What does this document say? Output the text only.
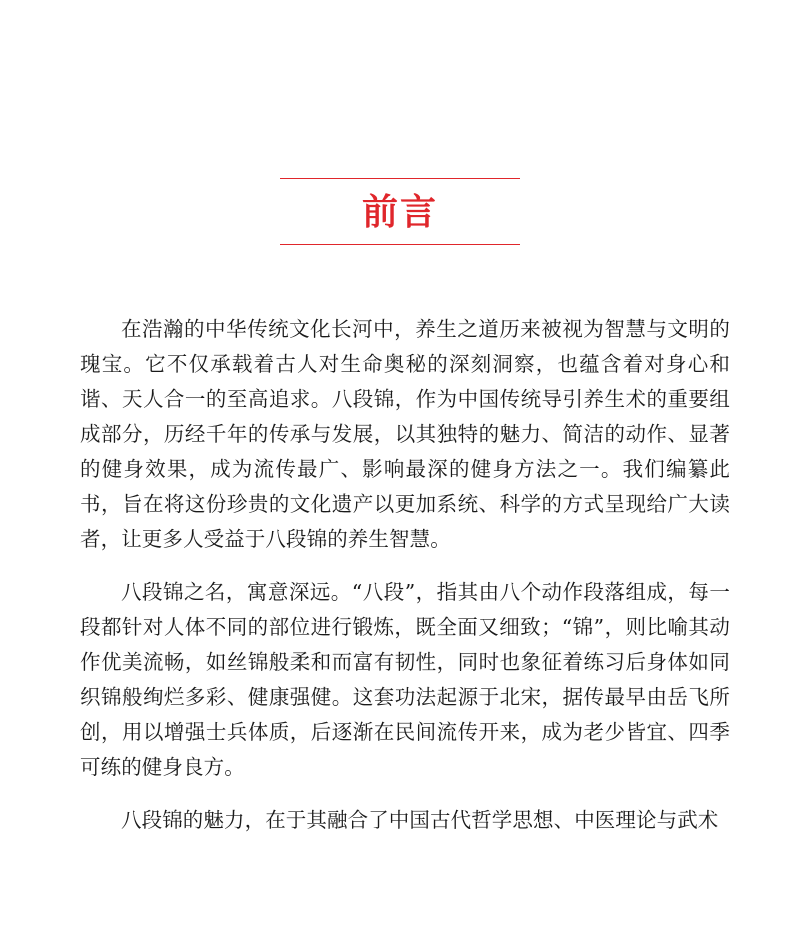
前言

在浩瀚的中华传统文化长河中，养生之道历来被视为智慧与文明的瑰宝。它不仅承载着古人对生命奥秘的深刻洞察，也蕴含着对身心和谐、天人合一的至高追求。八段锦，作为中国传统导引养生术的重要组成部分，历经千年的传承与发展，以其独特的魅力、简洁的动作、显著的健身效果，成为流传最广、影响最深的健身方法之一。我们编纂此书，旨在将这份珍贵的文化遗产以更加系统、科学的方式呈现给广大读者，让更多人受益于八段锦的养生智慧。

八段锦之名，寓意深远。“八段”，指其由八个动作段落组成，每一段都针对人体不同的部位进行锻炼，既全面又细致；“锦”，则比喻其动作优美流畅，如丝锦般柔和而富有韧性，同时也象征着练习后身体如同织锦般绚烂多彩、健康强健。这套功法起源于北宋，据传最早由岳飞所创，用以增强士兵体质，后逐渐在民间流传开来，成为老少皆宜、四季可练的健身良方。

八段锦的魅力，在于其融合了中国古代哲学思想、中医理论与武术
